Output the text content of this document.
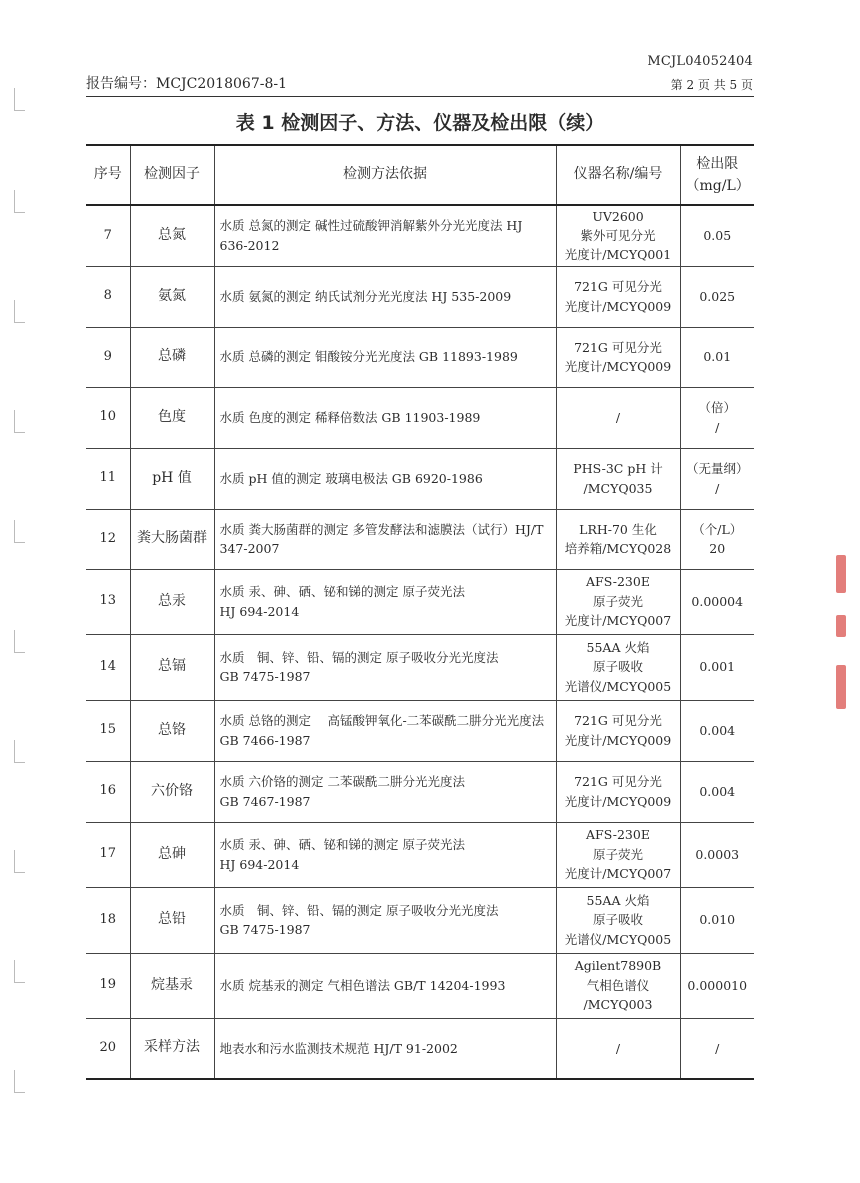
MCJL04052404
报告编号：MCJC2018067-8-1	第 2 页 共 5 页
表 1 检测因子、方法、仪器及检出限（续）
序号	检测因子	检测方法依据	仪器名称/编号	检出限
（mg/L）
7	总氮	水质 总氮的测定 碱性过硫酸钾消解紫外分光光度法 HJ 636-2012	UV2600
紫外可见分光
光度计/MCYQ001	0.05
8	氨氮	水质 氨氮的测定 纳氏试剂分光光度法 HJ 535-2009	721G 可见分光
光度计/MCYQ009	0.025
9	总磷	水质 总磷的测定 钼酸铵分光光度法 GB 11893-1989	721G 可见分光
光度计/MCYQ009	0.01
10	色度	水质 色度的测定 稀释倍数法 GB 11903-1989	/	（倍）
/
11	pH 值	水质 pH 值的测定 玻璃电极法 GB 6920-1986	PHS-3C pH 计
/MCYQ035	（无量纲）
/
12	粪大肠菌群	水质 粪大肠菌群的测定 多管发酵法和滤膜法（试行）HJ/T 347-2007	LRH-70 生化
培养箱/MCYQ028	（个/L）
20
13	总汞	水质 汞、砷、硒、铋和锑的测定 原子荧光法
HJ 694-2014	AFS-230E
原子荧光
光度计/MCYQ007	0.00004
14	总镉	水质　铜、锌、铅、镉的测定 原子吸收分光光度法
GB 7475-1987	55AA 火焰
原子吸收
光谱仪/MCYQ005	0.001
15	总铬	水质 总铬的测定　 高锰酸钾氧化-二苯碳酰二肼分光光度法 GB 7466-1987	721G 可见分光
光度计/MCYQ009	0.004
16	六价铬	水质 六价铬的测定 二苯碳酰二肼分光光度法
GB 7467-1987	721G 可见分光
光度计/MCYQ009	0.004
17	总砷	水质 汞、砷、硒、铋和锑的测定 原子荧光法
HJ 694-2014	AFS-230E
原子荧光
光度计/MCYQ007	0.0003
18	总铅	水质　铜、锌、铅、镉的测定 原子吸收分光光度法
GB 7475-1987	55AA 火焰
原子吸收
光谱仪/MCYQ005	0.010
19	烷基汞	水质 烷基汞的测定 气相色谱法 GB/T 14204-1993	Agilent7890B
气相色谱仪
/MCYQ003	0.000010
20	采样方法	地表水和污水监测技术规范 HJ/T 91-2002	/	/
